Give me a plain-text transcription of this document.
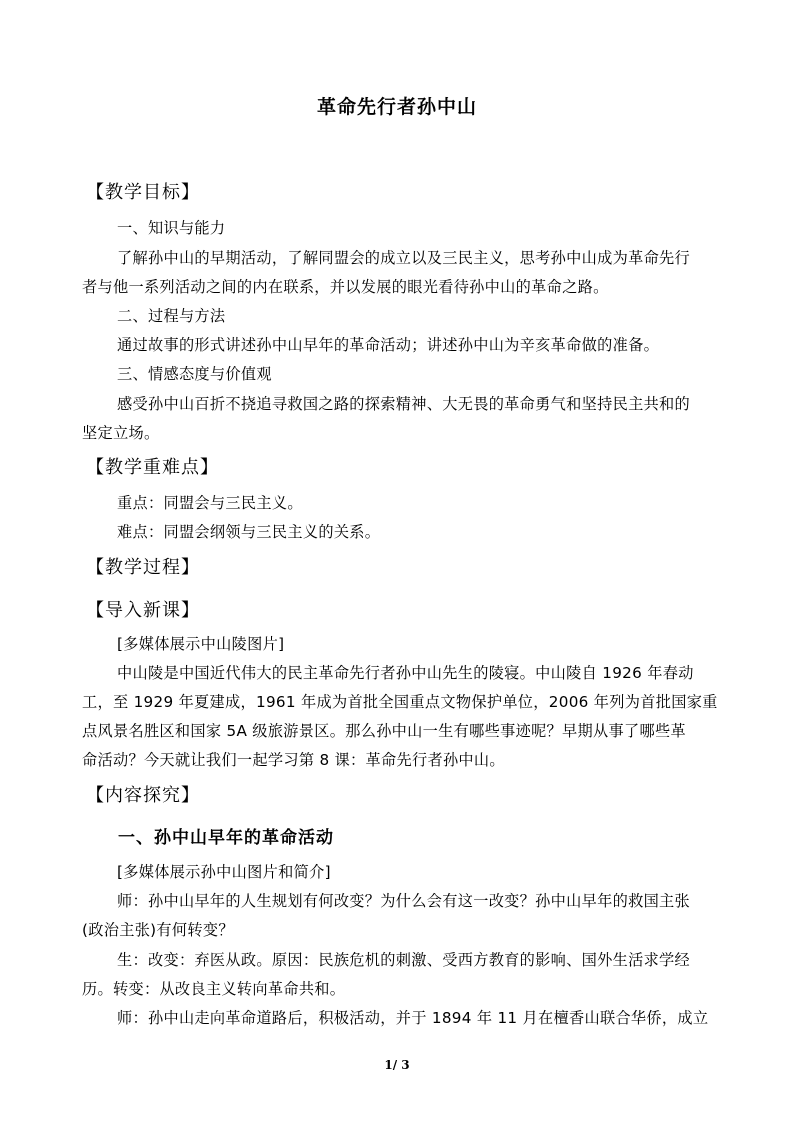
革命先行者孙中山
【教学目标】
一、知识与能力
了解孙中山的早期活动，了解同盟会的成立以及三民主义，思考孙中山成为革命先行
者与他一系列活动之间的内在联系，并以发展的眼光看待孙中山的革命之路。
二、过程与方法
通过故事的形式讲述孙中山早年的革命活动；讲述孙中山为辛亥革命做的准备。
三、情感态度与价值观
感受孙中山百折不挠追寻救国之路的探索精神、大无畏的革命勇气和坚持民主共和的
坚定立场。
【教学重难点】
重点：同盟会与三民主义。
难点：同盟会纲领与三民主义的关系。
【教学过程】
【导入新课】
[多媒体展示中山陵图片]
中山陵是中国近代伟大的民主革命先行者孙中山先生的陵寝。中山陵自 1926 年春动
工，至 1929 年夏建成，1961 年成为首批全国重点文物保护单位，2006 年列为首批国家重
点风景名胜区和国家 5A 级旅游景区。那么孙中山一生有哪些事迹呢？早期从事了哪些革
命活动？今天就让我们一起学习第 8 课：革命先行者孙中山。
【内容探究】
一、孙中山早年的革命活动
[多媒体展示孙中山图片和简介]
师：孙中山早年的人生规划有何改变？为什么会有这一改变？孙中山早年的救国主张
(政治主张)有何转变？
生：改变：弃医从政。原因：民族危机的刺激、受西方教育的影响、国外生活求学经
历。转变：从改良主义转向革命共和。
师：孙中山走向革命道路后，积极活动，并于 1894 年 11 月在檀香山联合华侨，成立
1/ 3
